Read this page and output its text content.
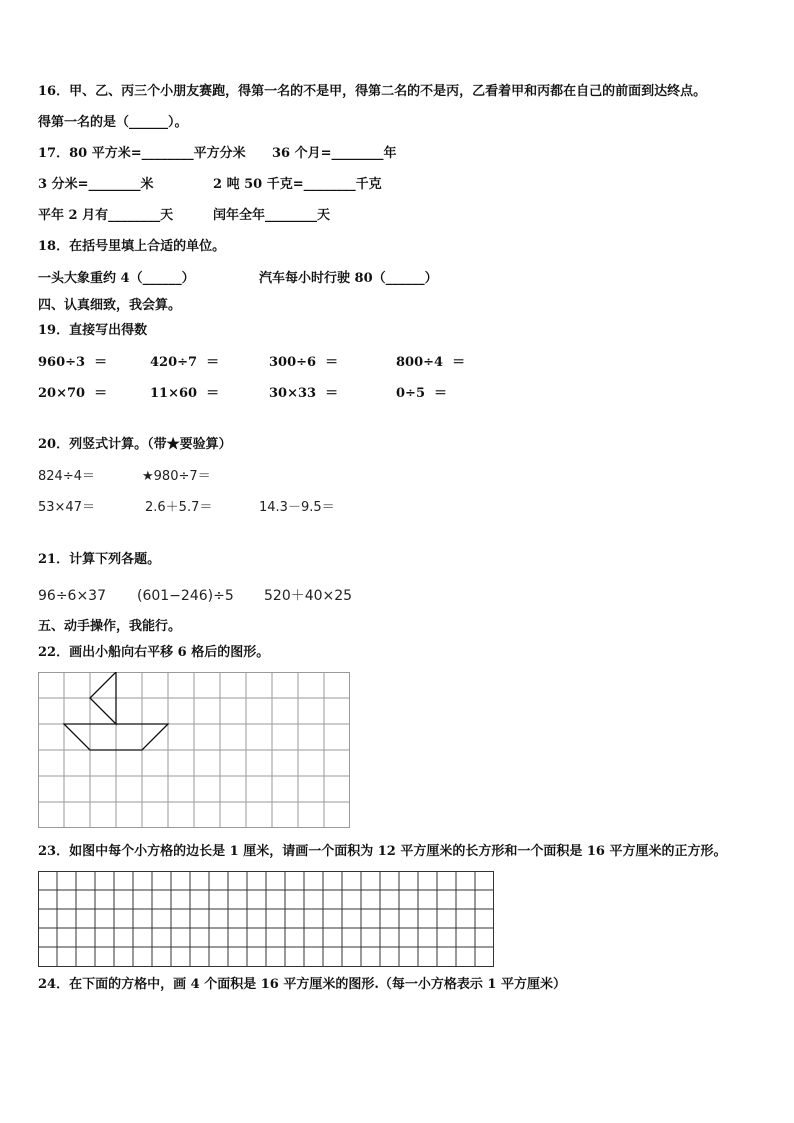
16．甲、乙、丙三个小朋友赛跑，得第一名的不是甲，得第二名的不是丙，乙看着甲和丙都在自己的前面到达终点。
得第一名的是（______）。
17．80 平方米=________平方分米 36 个月=________年
3 分米=________米	2 吨 50 千克=________千克
平年 2 月有________天	闰年全年________天
18．在括号里填上合适的单位。
一头大象重约 4（______）	汽车每小时行驶 80（______）
四、认真细致，我会算。
19．直接写出得数
960÷3  ＝	420÷7  ＝	300÷6  ＝	800÷4  ＝
20×70  ＝	11×60  ＝	30×33  ＝	0÷5  ＝
20．列竖式计算。（带★要验算）
824÷4＝	★980÷7＝
53×47＝	2.6＋5.7＝	14.3－9.5＝
21．计算下列各题。
96÷6×37 (601−246)÷5 520＋40×25
五、动手操作，我能行。
22．画出小船向右平移 6 格后的图形。
23．如图中每个小方格的边长是 1 厘米，请画一个面积为 12 平方厘米的长方形和一个面积是 16 平方厘米的正方形。
24．在下面的方格中，画 4 个面积是 16 平方厘米的图形.（每一小方格表示 1 平方厘米）
